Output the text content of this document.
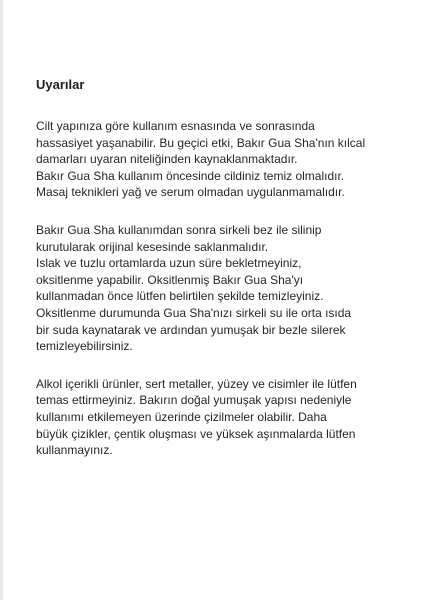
Uyarılar
Cilt yapınıza göre kullanım esnasında ve sonrasında
hassasiyet yaşanabilir. Bu geçici etki, Bakır Gua Sha'nın kılcal
damarları uyaran niteliğinden kaynaklanmaktadır.
Bakır Gua Sha kullanım öncesinde cildiniz temiz olmalıdır.
Masaj teknikleri yağ ve serum olmadan uygulanmamalıdır.
Bakır Gua Sha kullanımdan sonra sirkeli bez ile silinip
kurutularak orijinal kesesinde saklanmalıdır.
Islak ve tuzlu ortamlarda uzun süre bekletmeyiniz,
oksitlenme yapabilir. Oksitlenmiş Bakır Gua Sha'yı
kullanmadan önce lütfen belirtilen şekilde temizleyiniz.
Oksitlenme durumunda Gua Sha'nızı sirkeli su ile orta ısıda
bir suda kaynatarak ve ardından yumuşak bir bezle silerek
temizleyebilirsiniz.
Alkol içerikli ürünler, sert metaller, yüzey ve cisimler ile lütfen
temas ettirmeyiniz. Bakırın doğal yumuşak yapısı nedeniyle
kullanımı etkilemeyen üzerinde çizilmeler olabilir. Daha
büyük çizikler, çentik oluşması ve yüksek aşınmalarda lütfen
kullanmayınız.
